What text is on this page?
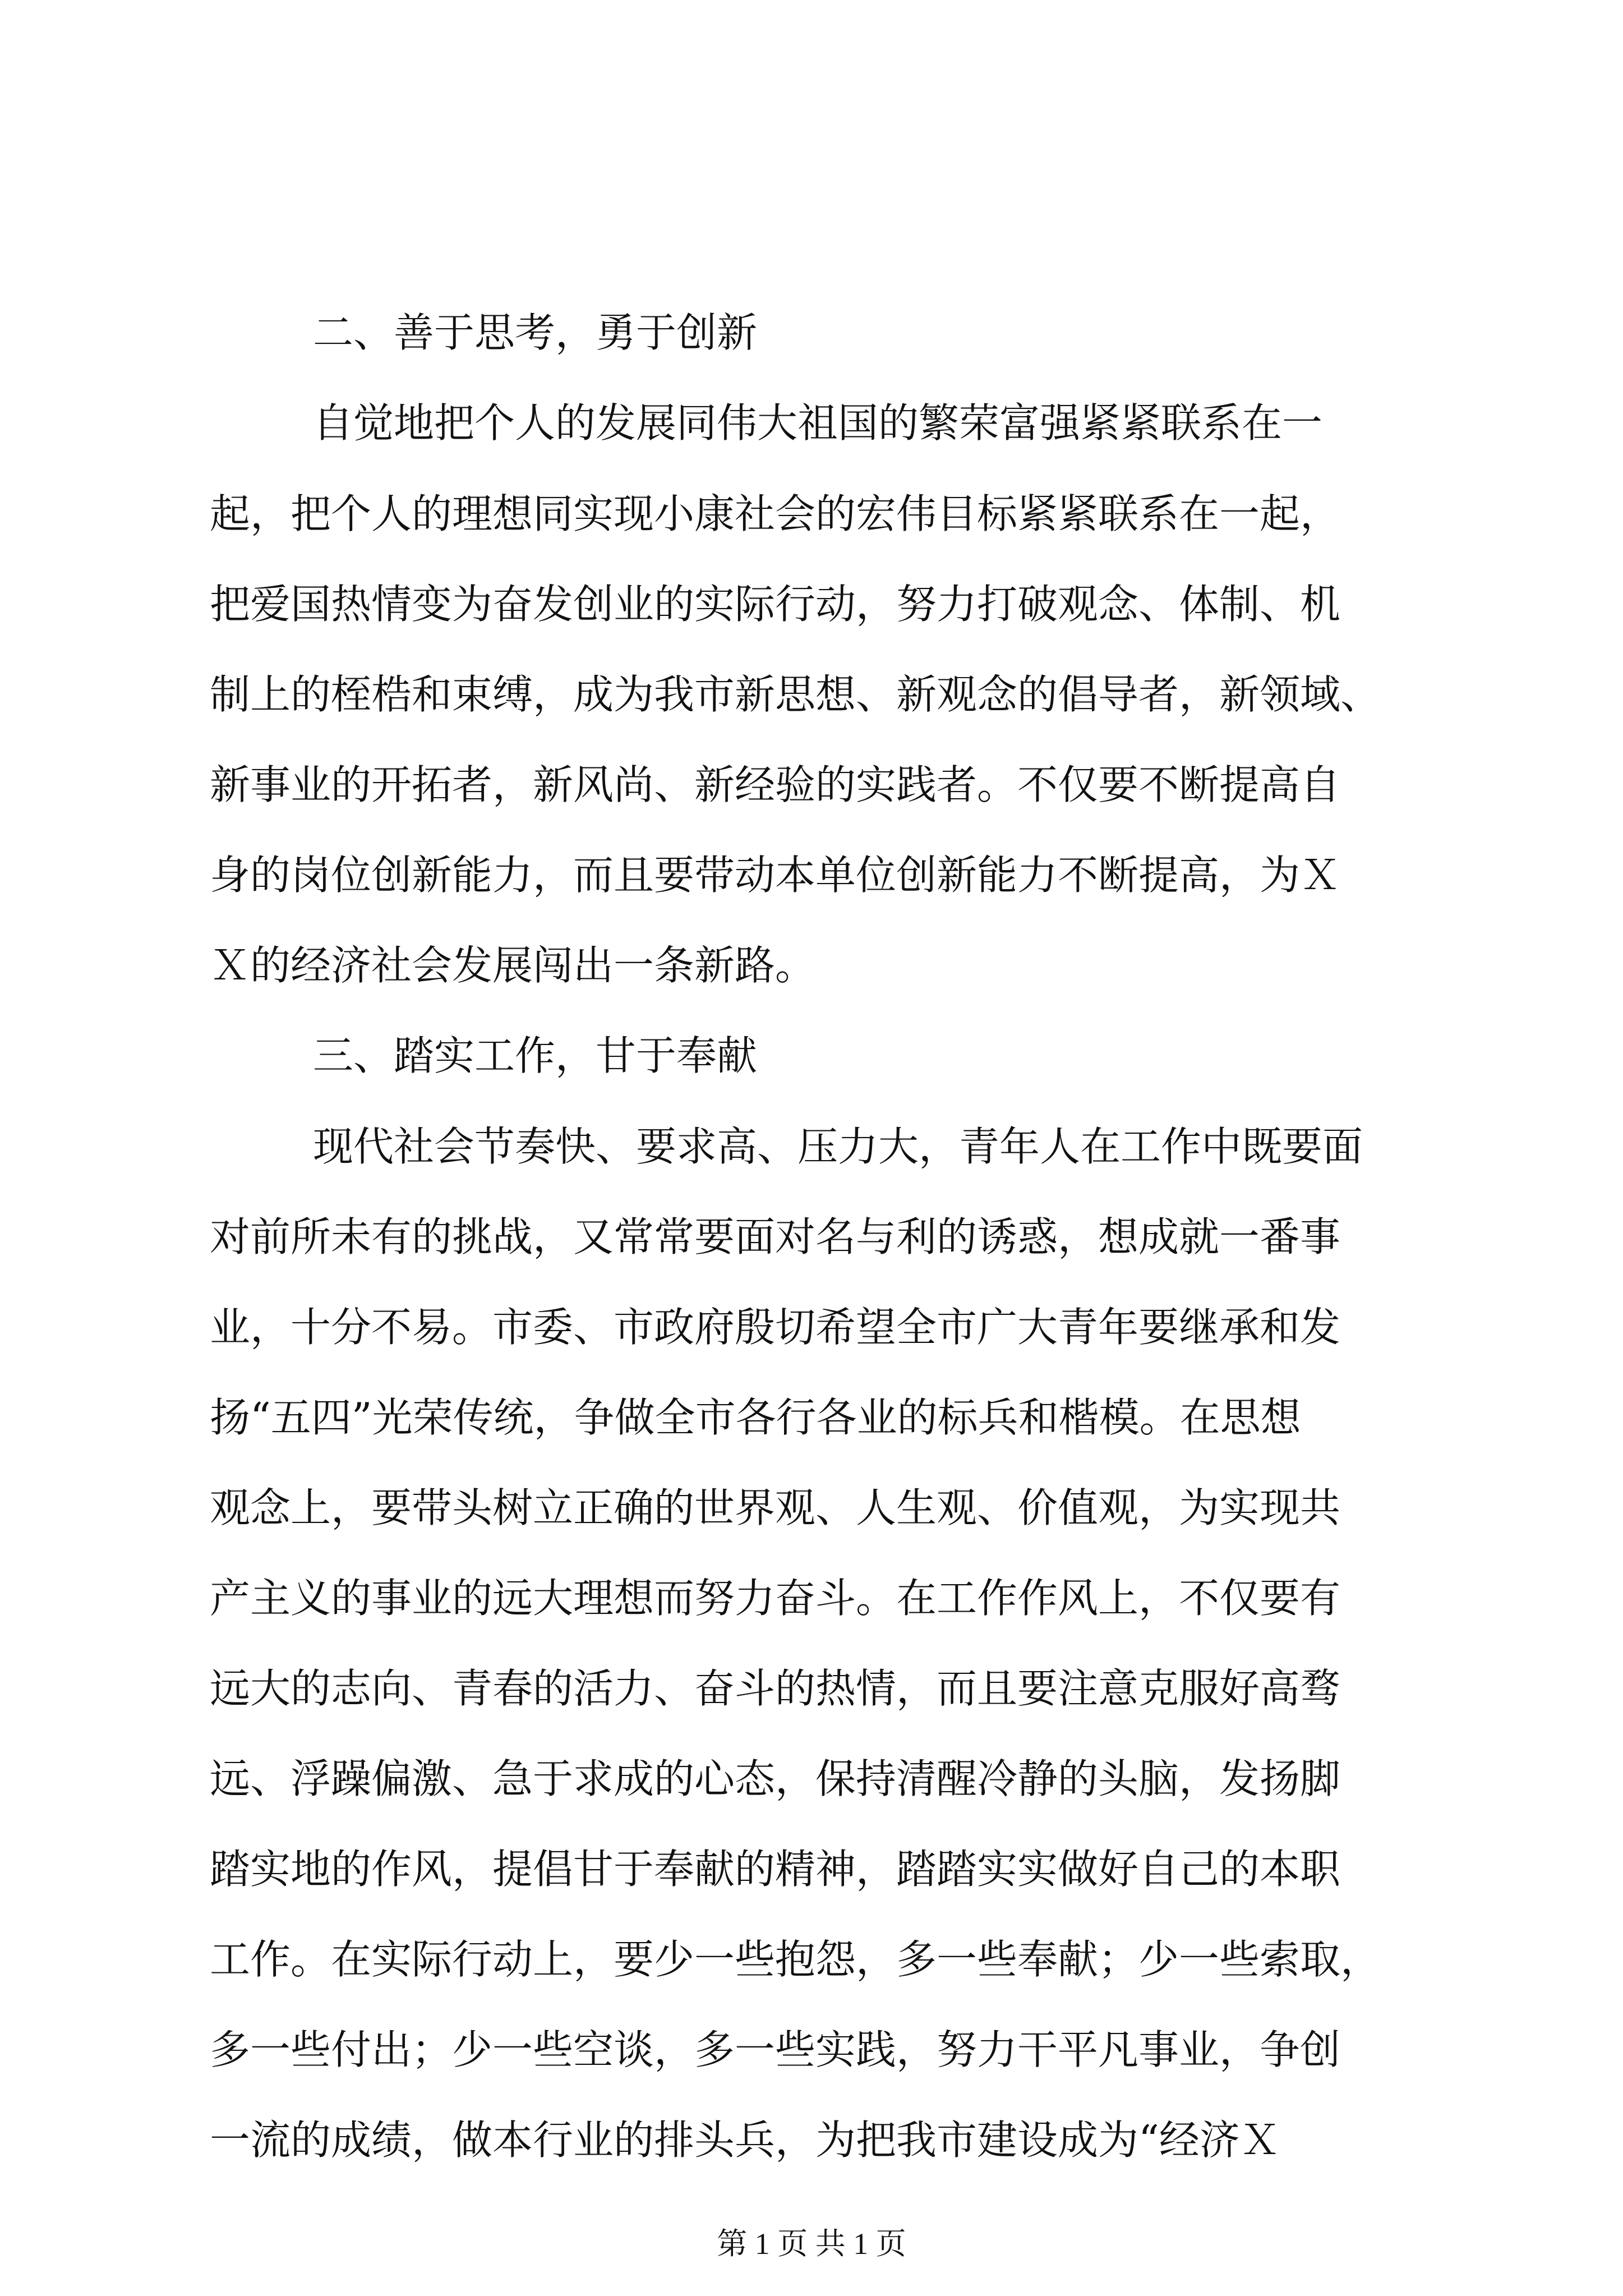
二、善于思考，勇于创新
自觉地把个人的发展同伟大祖国的繁荣富强紧紧联系在一
起，把个人的理想同实现小康社会的宏伟目标紧紧联系在一起，
把爱国热情变为奋发创业的实际行动，努力打破观念、体制、机
制上的桎梏和束缚，成为我市新思想、新观念的倡导者，新领域、
新事业的开拓者，新风尚、新经验的实践者。不仅要不断提高自
身的岗位创新能力，而且要带动本单位创新能力不断提高，为Ｘ
Ｘ的经济社会发展闯出一条新路。
三、踏实工作，甘于奉献
现代社会节奏快、要求高、压力大，青年人在工作中既要面
对前所未有的挑战，又常常要面对名与利的诱惑，想成就一番事
业，十分不易。市委、市政府殷切希望全市广大青年要继承和发
扬“五四”光荣传统，争做全市各行各业的标兵和楷模。在思想
观念上，要带头树立正确的世界观、人生观、价值观，为实现共
产主义的事业的远大理想而努力奋斗。在工作作风上，不仅要有
远大的志向、青春的活力、奋斗的热情，而且要注意克服好高骛
远、浮躁偏激、急于求成的心态，保持清醒冷静的头脑，发扬脚
踏实地的作风，提倡甘于奉献的精神，踏踏实实做好自己的本职
工作。在实际行动上，要少一些抱怨，多一些奉献；少一些索取，
多一些付出；少一些空谈，多一些实践，努力干平凡事业，争创
一流的成绩，做本行业的排头兵，为把我市建设成为“经济Ｘ
第 1 页 共 1 页
